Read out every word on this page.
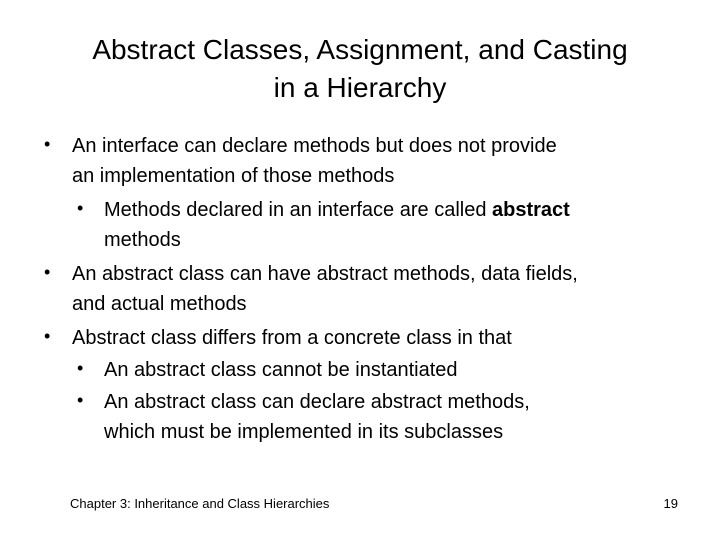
Abstract Classes, Assignment, and Casting
in a Hierarchy
• An interface can declare methods but does not provide
an implementation of those methods
• Methods declared in an interface are called abstract
methods
• An abstract class can have abstract methods, data fields,
and actual methods
• Abstract class differs from a concrete class in that
• An abstract class cannot be instantiated
• An abstract class can declare abstract methods,
which must be implemented in its subclasses
Chapter 3: Inheritance and Class Hierarchies	19
